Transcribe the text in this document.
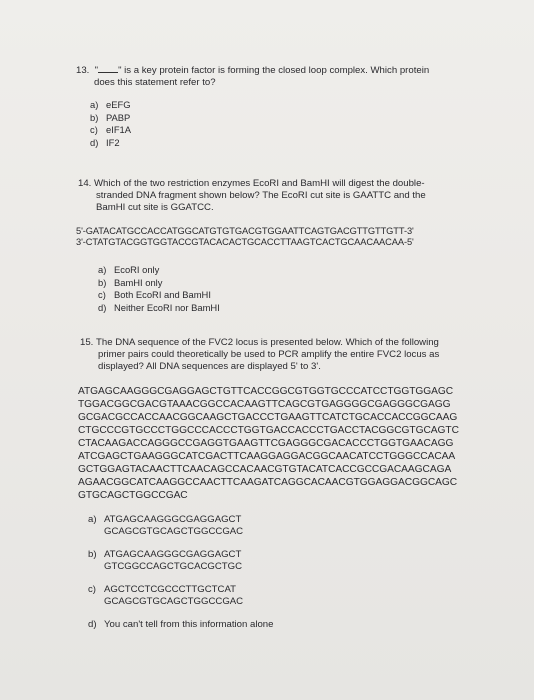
13. " " is a key protein factor is forming the closed loop complex. Which protein

does this statement refer to?

a) eEFG
b) PABP
c) eIF1A
d) IF2

14. Which of the two restriction enzymes EcoRI and BamHI will digest the double-

stranded DNA fragment shown below? The EcoRI cut site is GAATTC and the

BamHI cut site is GGATCC.

5'-GATACATGCCACCATGGCATGTGTGACGTGGAATTCAGTGACGTTGTTGTT-3'
3'-CTATGTACGGTGGTACCGTACACACTGCACCTTAAGTCACTGCAACAACAA-5'
a) EcoRI only
b) BamHI only
c) Both EcoRI and BamHI
d) Neither EcoRI nor BamHI

15. The DNA sequence of the FVC2 locus is presented below. Which of the following

primer pairs could theoretically be used to PCR amplify the entire FVC2 locus as

displayed? All DNA sequences are displayed 5' to 3'.

ATGAGCAAGGGCGAGGAGCTGTTCACCGGCGTGGTGCCCATCCTGGTGGAGC
TGGACGGCGACGTAAACGGCCACAAGTTCAGCGTGAGGGGCGAGGGCGAGG
GCGACGCCACCAACGGCAAGCTGACCCTGAAGTTCATCTGCACCACCGGCAAG
CTGCCCGTGCCCTGGCCCACCCTGGTGACCACCCTGACCTACGGCGTGCAGTC
CTACAAGACCAGGGCCGAGGTGAAGTTCGAGGGCGACACCCTGGTGAACAGG
ATCGAGCTGAAGGGCATCGACTTCAAGGAGGACGGCAACATCCTGGGCCACAA
GCTGGAGTACAACTTCAACAGCCACAACGTGTACATCACCGCCGACAAGCAGA
AGAACGGCATCAAGGCCAACTTCAAGATCAGGCACAACGTGGAGGACGGCAGC
GTGCAGCTGGCCGAC
a) ATGAGCAAGGGCGAGGAGCT
GCAGCGTGCAGCTGGCCGAC
b) ATGAGCAAGGGCGAGGAGCT
GTCGGCCAGCTGCACGCTGC
c) AGCTCCTCGCCCTTGCTCAT
GCAGCGTGCAGCTGGCCGAC
d) You can't tell from this information alone
